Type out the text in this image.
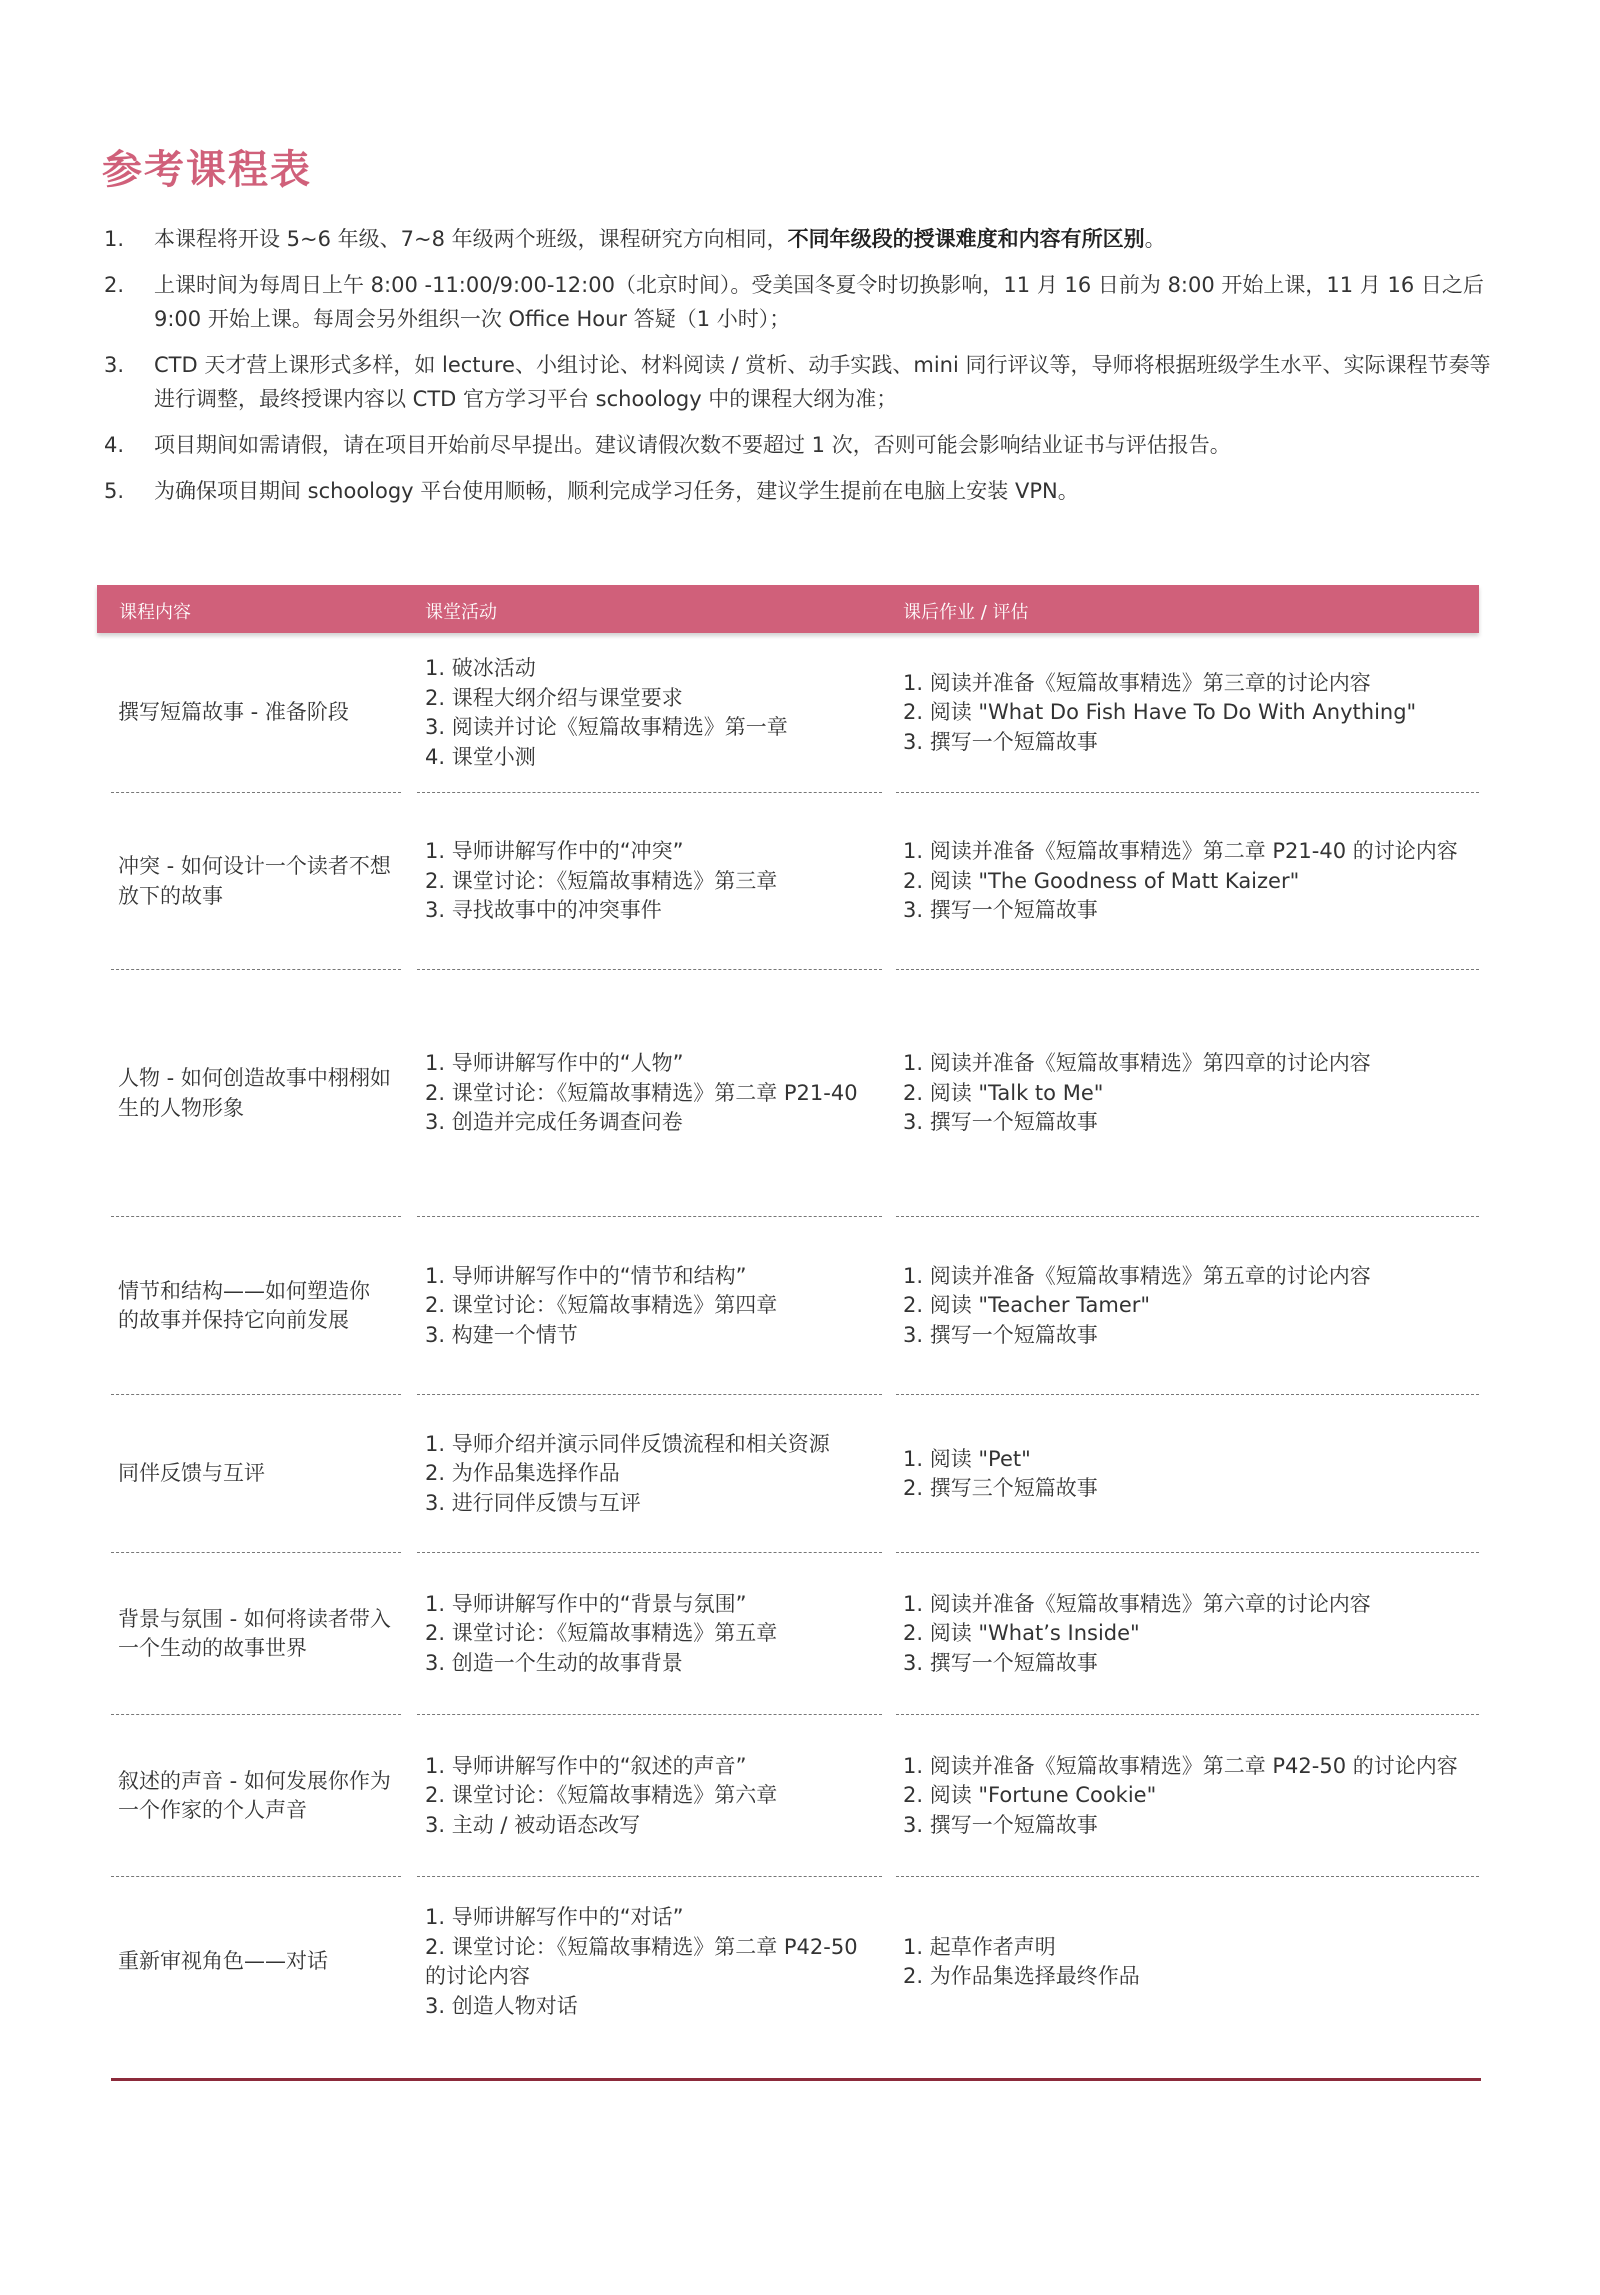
参考课程表
1. 本课程将开设 5~6 年级、7~8 年级两个班级，课程研究方向相同，不同年级段的授课难度和内容有所区别。
2. 上课时间为每周日上午 8:00 -11:00/9:00-12:00（北京时间）。受美国冬夏令时切换影响，11 月 16 日前为 8:00 开始上课，11 月 16 日之后 9:00 开始上课。每周会另外组织一次 Office Hour 答疑（1 小时）；
3. CTD 天才营上课形式多样，如 lecture、小组讨论、材料阅读 / 赏析、动手实践、mini 同行评议等，导师将根据班级学生水平、实际课程节奏等进行调整，最终授课内容以 CTD 官方学习平台 schoology 中的课程大纲为准；
4. 项目期间如需请假，请在项目开始前尽早提出。建议请假次数不要超过 1 次，否则可能会影响结业证书与评估报告。
5. 为确保项目期间 schoology 平台使用顺畅，顺利完成学习任务，建议学生提前在电脑上安装 VPN。
课程内容	课堂活动	课后作业 / 评估
撰写短篇故事 - 准备阶段
1. 破冰活动
2. 课程大纲介绍与课堂要求
3. 阅读并讨论《短篇故事精选》第一章
4. 课堂小测
1. 阅读并准备《短篇故事精选》第三章的讨论内容
2. 阅读 "What Do Fish Have To Do With Anything"
3. 撰写一个短篇故事
冲突 - 如何设计一个读者不想
放下的故事
1. 导师讲解写作中的“冲突”
2. 课堂讨论：《短篇故事精选》第三章
3. 寻找故事中的冲突事件
1. 阅读并准备《短篇故事精选》第二章 P21-40 的讨论内容
2. 阅读 "The Goodness of Matt Kaizer"
3. 撰写一个短篇故事
人物 - 如何创造故事中栩栩如
生的人物形象
1. 导师讲解写作中的“人物”
2. 课堂讨论：《短篇故事精选》第二章 P21-40
3. 创造并完成任务调查问卷
1. 阅读并准备《短篇故事精选》第四章的讨论内容
2. 阅读 "Talk to Me"
3. 撰写一个短篇故事
情节和结构——如何塑造你
的故事并保持它向前发展
1. 导师讲解写作中的“情节和结构”
2. 课堂讨论：《短篇故事精选》第四章
3. 构建一个情节
1. 阅读并准备《短篇故事精选》第五章的讨论内容
2. 阅读 "Teacher Tamer"
3. 撰写一个短篇故事
同伴反馈与互评
1. 导师介绍并演示同伴反馈流程和相关资源
2. 为作品集选择作品
3. 进行同伴反馈与互评
1. 阅读 "Pet"
2. 撰写三个短篇故事
背景与氛围 - 如何将读者带入
一个生动的故事世界
1. 导师讲解写作中的“背景与氛围”
2. 课堂讨论：《短篇故事精选》第五章
3. 创造一个生动的故事背景
1. 阅读并准备《短篇故事精选》第六章的讨论内容
2. 阅读 "What’s Inside"
3. 撰写一个短篇故事
叙述的声音 - 如何发展你作为
一个作家的个人声音
1. 导师讲解写作中的“叙述的声音”
2. 课堂讨论：《短篇故事精选》第六章
3. 主动 / 被动语态改写
1. 阅读并准备《短篇故事精选》第二章 P42-50 的讨论内容
2. 阅读 "Fortune Cookie"
3. 撰写一个短篇故事
重新审视角色——对话
1. 导师讲解写作中的“对话”
2. 课堂讨论：《短篇故事精选》第二章 P42-50
的讨论内容
3. 创造人物对话
1. 起草作者声明
2. 为作品集选择最终作品
